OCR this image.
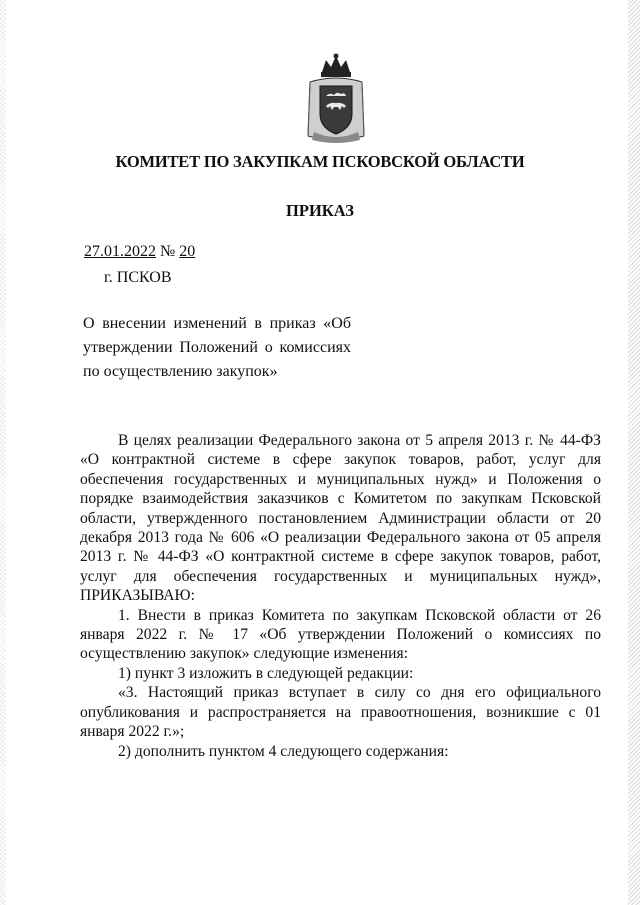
КОМИТЕТ ПО ЗАКУПКАМ ПСКОВСКОЙ ОБЛАСТИ
ПРИКАЗ
27.01.2022 № 20
г. ПСКОВ
О внесении изменений в приказ «Об утверждении Положений о комиссиях по осуществлению закупок»

В целях реализации Федерального закона от 5 апреля 2013 г. № 44-ФЗ «О контрактной системе в сфере закупок товаров, работ, услуг для обеспечения государственных и муниципальных нужд» и Положения о порядке взаимодействия заказчиков с Комитетом по закупкам Псковской области, утвержденного постановлением Администрации области от 20 декабря 2013 года № 606 «О реализации Федерального закона от 05 апреля 2013 г. № 44-ФЗ «О контрактной системе в сфере закупок товаров, работ, услуг для обеспечения государственных и муниципальных нужд», ПРИКАЗЫВАЮ:

1. Внести в приказ Комитета по закупкам Псковской области от 26 января 2022 г. № 17 «Об утверждении Положений о комиссиях по осуществлению закупок» следующие изменения:

1) пункт 3 изложить в следующей редакции:

«3. Настоящий приказ вступает в силу со дня его официального опубликования и распространяется на правоотношения, возникшие с 01 января 2022 г.»;

2) дополнить пунктом 4 следующего содержания:
